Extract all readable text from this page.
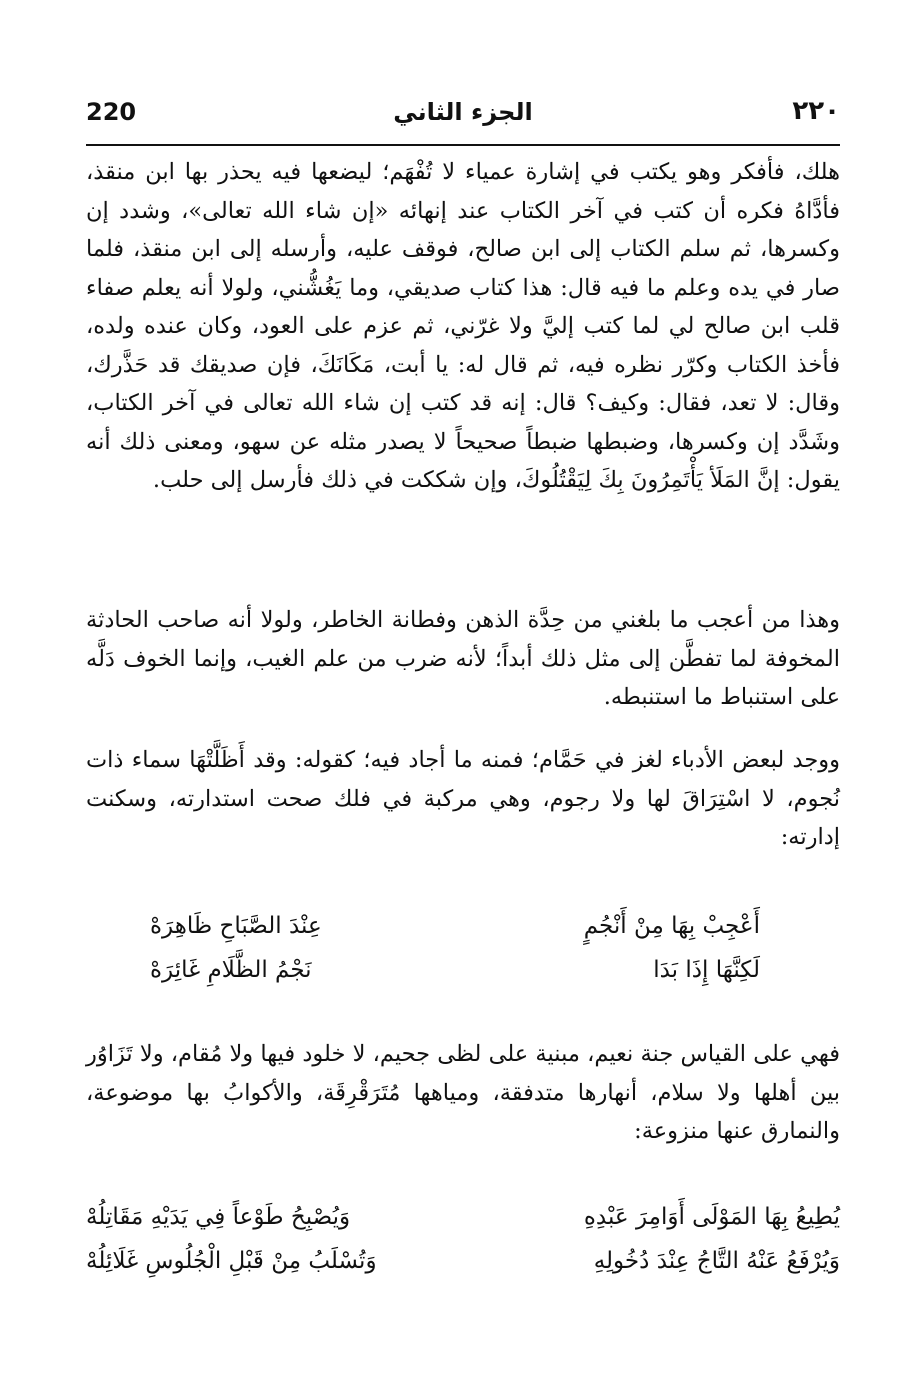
220	الجزء الثاني	٢٢٠

هلك، فأفكر وهو يكتب في إشارة عمياء لا تُفْهَم؛ ليضعها فيه يحذر بها ابن منقذ، فأدَّاهُ فكره أن كتب في آخر الكتاب عند إنهائه «إن شاء الله تعالى»، وشدد إن وكسرها، ثم سلم الكتاب إلى ابن صالح، فوقف عليه، وأرسله إلى ابن منقذ، فلما صار في يده وعلم ما فيه قال: هذا كتاب صديقي، وما يَغُشُّني، ولولا أنه يعلم صفاء قلب ابن صالح لي لما كتب إليَّ ولا غرّني، ثم عزم على العود، وكان عنده ولده، فأخذ الكتاب وكرّر نظره فيه، ثم قال له: يا أبت، مَكَانَكَ، فإن صديقك قد حَذَّرك، وقال: لا تعد، فقال: وكيف؟ قال: إنه قد كتب إن شاء الله تعالى في آخر الكتاب، وشَدَّد إن وكسرها، وضبطها ضبطاً صحيحاً لا يصدر مثله عن سهو، ومعنى ذلك أنه يقول: إنَّ المَلَأ يَأْتَمِرُونَ بِكَ لِيَقْتُلُوكَ، وإن شككت في ذلك فأرسل إلى حلب.

وهذا من أعجب ما بلغني من حِدَّة الذهن وفطانة الخاطر، ولولا أنه صاحب الحادثة المخوفة لما تفطَّن إلى مثل ذلك أبداً؛ لأنه ضرب من علم الغيب، وإنما الخوف دَلَّه على استنباط ما استنبطه.

ووجد لبعض الأدباء لغز في حَمَّام؛ فمنه ما أجاد فيه؛ كقوله: وقد أَظَلَّتْهَا سماء ذات نُجوم، لا اسْتِرَاقَ لها ولا رجوم، وهي مركبة في فلك صحت استدارته، وسكنت إدارته:

أَعْجِبْ بِهَا مِنْ أَنْجُمٍ
عِنْدَ الصَّبَاحِ ظَاهِرَهْ
لَكِنَّهَا إِذَا بَدَا
نَجْمُ الظَّلَامِ غَائِرَهْ

فهي على القياس جنة نعيم، مبنية على لظى جحيم، لا خلود فيها ولا مُقام، ولا تَزَاوُر بين أهلها ولا سلام، أنهارها متدفقة، ومياهها مُتَرَقْرِقَة، والأكوابُ بها موضوعة، والنمارق عنها منزوعة:

يُطِيعُ بِهَا المَوْلَى أَوَامِرَ عَبْدِهِ
وَيُصْبِحُ طَوْعاً فِي يَدَيْهِ مَقَاتِلُهْ
وَيُرْفَعُ عَنْهُ التَّاجُ عِنْدَ دُخُولِهِ
وَتُسْلَبُ مِنْ قَبْلِ الْجُلُوسِ غَلَائِلُهْ
